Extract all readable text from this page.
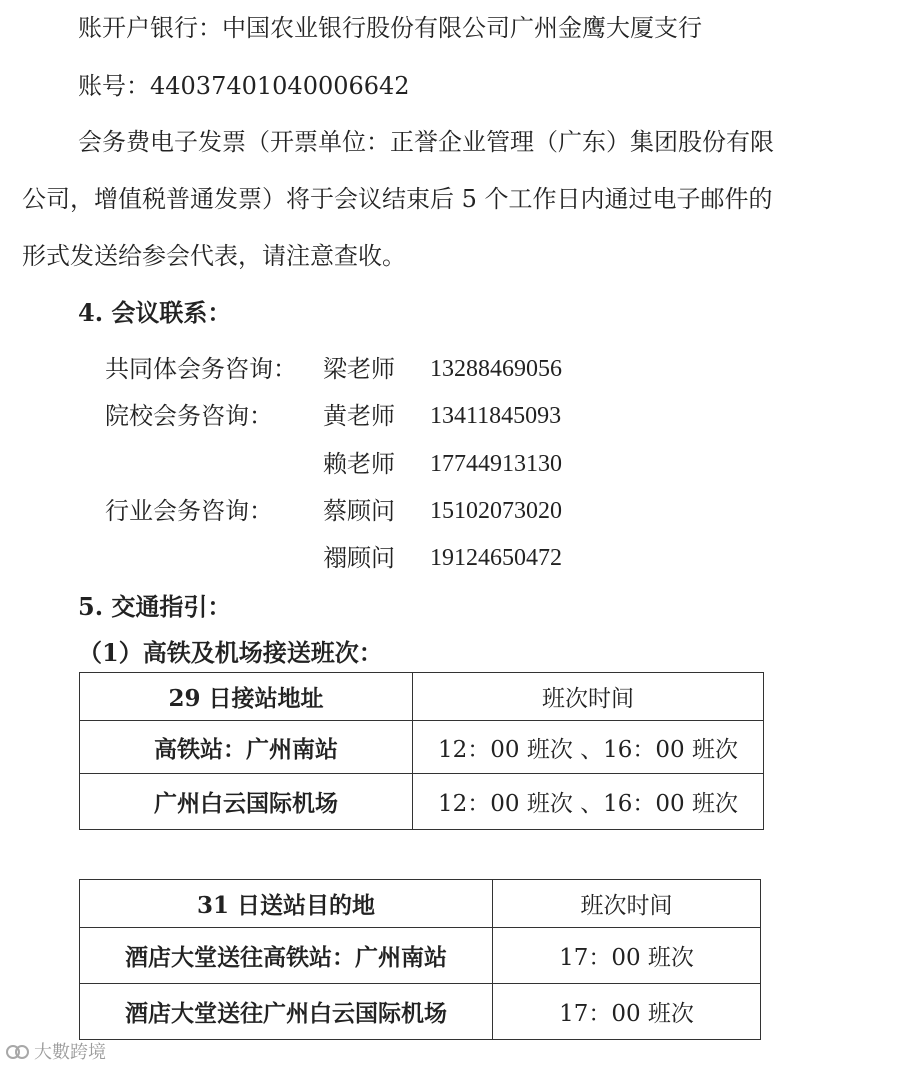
账开户银行：中国农业银行股份有限公司广州金鹰大厦支行
账号：44037401040006642
会务费电子发票（开票单位：正誉企业管理（广东）集团股份有限
公司，增值税普通发票）将于会议结束后 5 个工作日内通过电子邮件的
形式发送给参会代表，请注意查收。
4. 会议联系：
共同体会务咨询： 梁老师 13288469056
院校会务咨询： 黄老师 13411845093
赖老师 17744913130
行业会务咨询： 蔡顾问 15102073020
禤顾问 19124650472
5. 交通指引：
（1）高铁及机场接送班次：
29 日接站地址	班次时间
高铁站：广州南站	12：00 班次 、16：00 班次
广州白云国际机场	12：00 班次 、16：00 班次
31 日送站目的地	班次时间
酒店大堂送往高铁站：广州南站	17：00 班次
酒店大堂送往广州白云国际机场	17：00 班次
大數跨境
